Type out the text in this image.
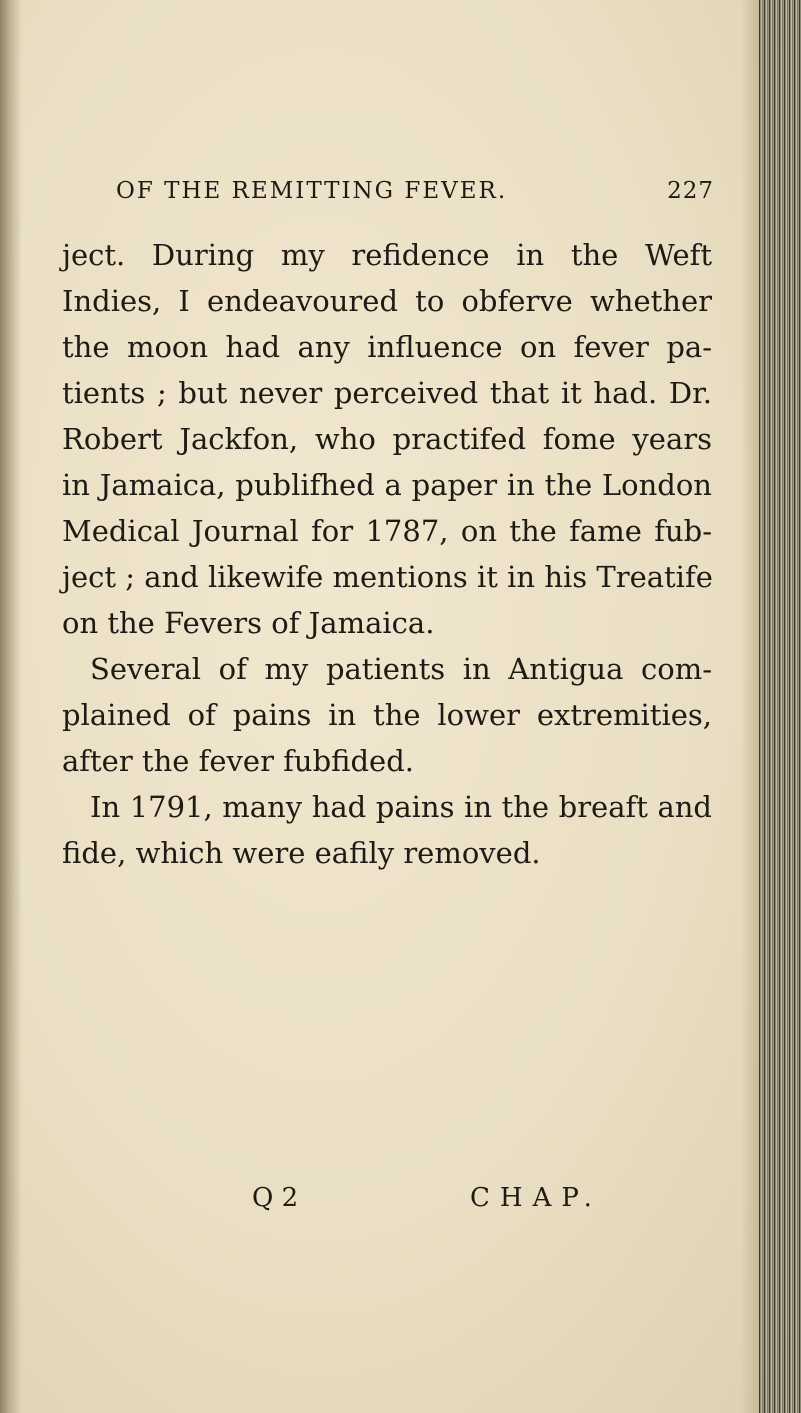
OF THE REMITTING FEVER.	227
ject. During my refidence in the Weft
Indies, I endeavoured to obferve whether
the moon had any influence on fever pa-
tients ; but never perceived that it had. Dr.
Robert Jackfon, who practifed fome years
in Jamaica, publifhed a paper in the London
Medical Journal for 1787, on the fame fub-
ject ; and likewife mentions it in his Treatife
on the Fevers of Jamaica.
Several of my patients in Antigua com-
plained of pains in the lower extremities,
after the fever fubfided.
In 1791, many had pains in the breaft and
fide, which were eafily removed.
Q 2	CHAP.
